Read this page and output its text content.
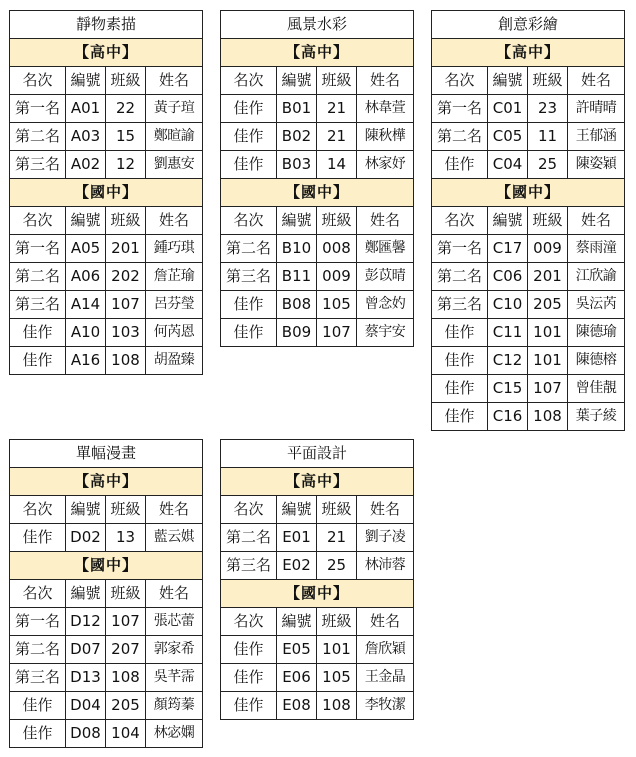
靜物素描			
【高中】			
名次	編號	班級	姓名
第一名	A01	22	黃子瑄
第二名	A03	15	鄭暄諭
第三名	A02	12	劉惠安
【國中】			
名次	編號	班級	姓名
第一名	A05	201	鍾巧琪
第二名	A06	202	詹芷瑜
第三名	A14	107	呂芬瑩
佳作	A10	103	何芮恩
佳作	A16	108	胡盈臻
風景水彩			
【高中】			
名次	編號	班級	姓名
佳作	B01	21	林韋萱
佳作	B02	21	陳秋樺
佳作	B03	14	林家妤
【國中】			
名次	編號	班級	姓名
第二名	B10	008	鄭匯馨
第三名	B11	009	彭苡晴
佳作	B08	105	曾念妁
佳作	B09	107	蔡宇安
創意彩繪			
【高中】			
名次	編號	班級	姓名
第一名	C01	23	許晴晴
第二名	C05	11	王郁涵
佳作	C04	25	陳姿穎
【國中】			
名次	編號	班級	姓名
第一名	C17	009	蔡雨潼
第二名	C06	201	江欣諭
第三名	C10	205	吳沄芮
佳作	C11	101	陳德瑜
佳作	C12	101	陳德榕
佳作	C15	107	曾佳靚
佳作	C16	108	葉子綾
單幅漫畫			
【高中】			
名次	編號	班級	姓名
佳作	D02	13	藍云娸
【國中】			
名次	編號	班級	姓名
第一名	D12	107	張芯蕾
第二名	D07	207	郭家希
第三名	D13	108	吳芊霈
佳作	D04	205	顏筠蓁
佳作	D08	104	林宓嫻
平面設計			
【高中】			
名次	編號	班級	姓名
第二名	E01	21	劉子凌
第三名	E02	25	林沛蓉
【國中】			
名次	編號	班級	姓名
佳作	E05	101	詹欣穎
佳作	E06	105	王金晶
佳作	E08	108	李牧潔
